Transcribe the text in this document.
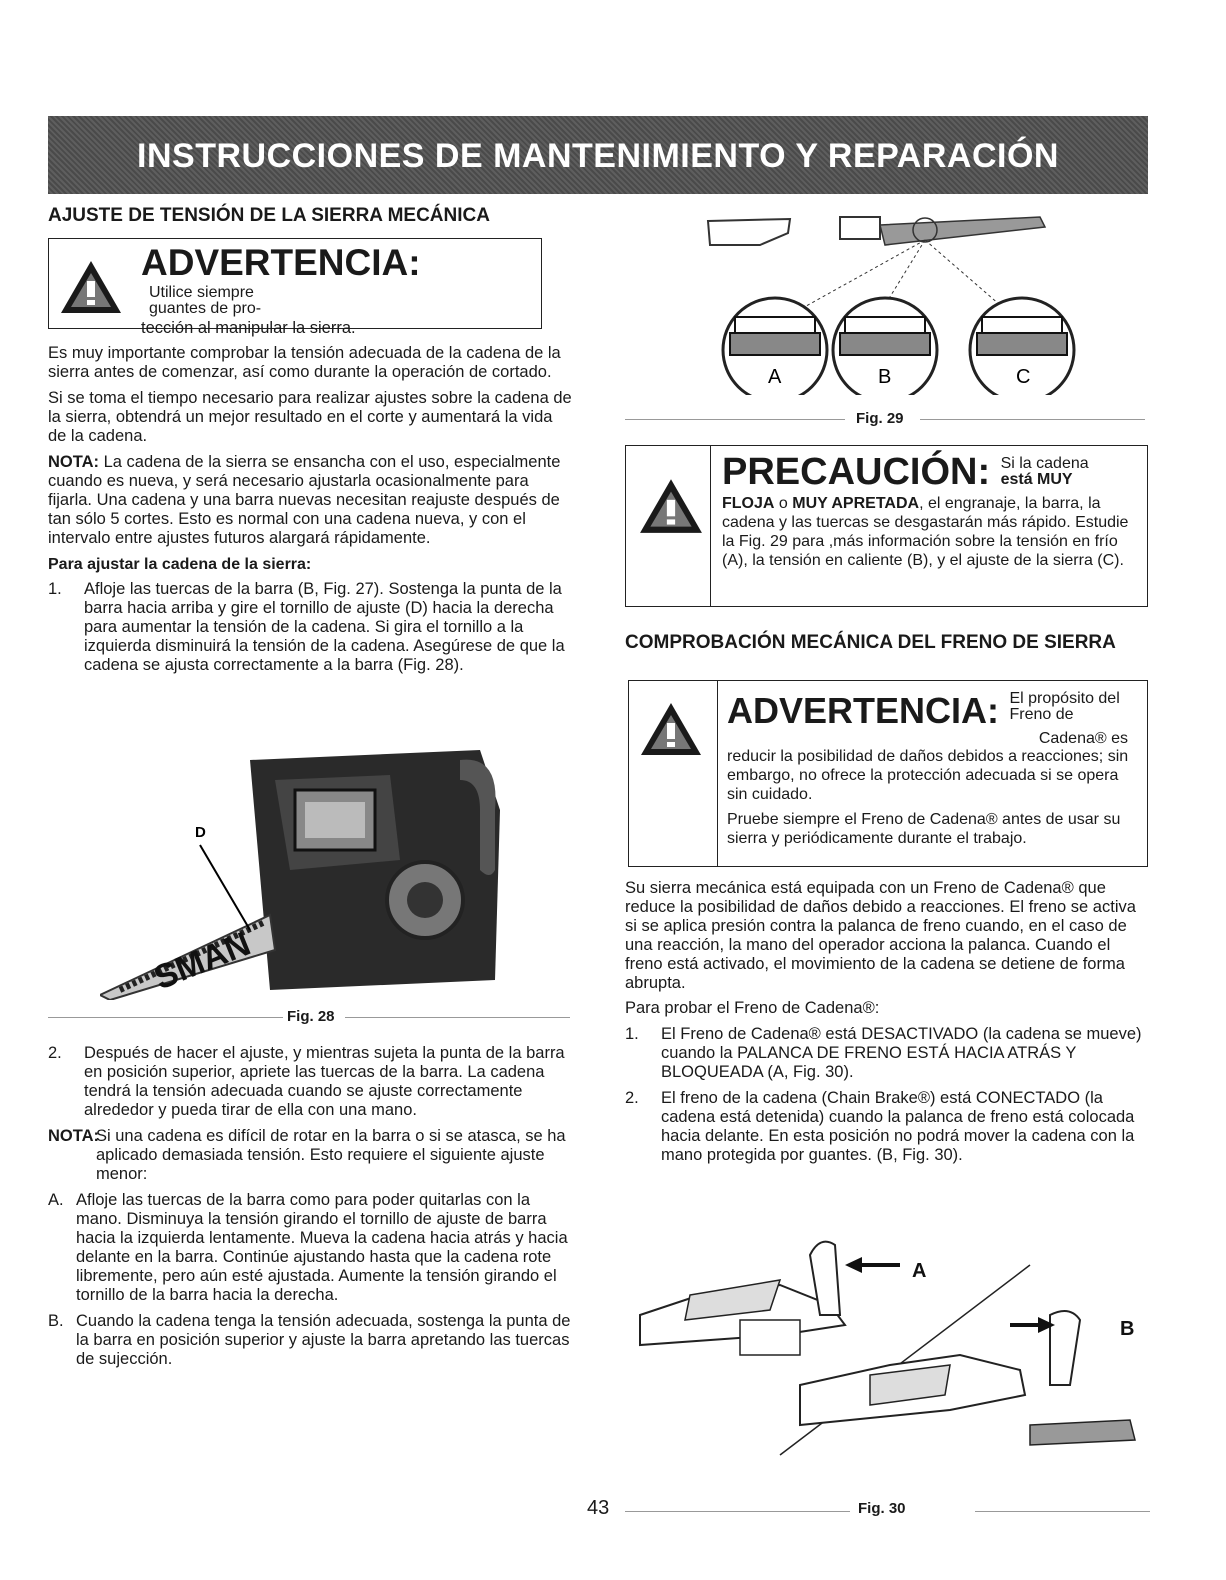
INSTRUCCIONES DE MANTENIMIENTO Y REPARACIÓN
AJUSTE DE TENSIÓN DE LA SIERRA MECÁNICA
ADVERTENCIA: Utilice siempre
guantes de pro-
tección al manipular la sierra.

Es muy importante comprobar la tensión adecuada de la cadena de la sierra antes de comenzar, así como durante la operación de cortado.

Si se toma el tiempo necesario para realizar ajustes sobre la cadena de la sierra, obtendrá un mejor resultado en el corte y aumentará la vida de la cadena.

NOTA: La cadena de la sierra se ensancha con el uso, especialmente cuando es nueva, y será necesario ajustarla ocasionalmente para fijarla. Una cadena y una barra nuevas necesitan reajuste después de tan sólo 5 cortes. Esto es normal con una cadena nueva, y con el intervalo entre ajustes futuros alargará rápidamente.

Para ajustar la cadena de la sierra:

1. Afloje las tuercas de la barra (B, Fig. 27). Sostenga la punta de la barra hacia arriba y gire el tornillo de ajuste (D) hacia la derecha para aumentar la tensión de la cadena. Si gira el tornillo a la izquierda disminuirá la tensión de la cadena. Asegúrese de que la cadena se ajusta correctamente a la barra (Fig. 28).
D
SMAN
Fig. 28
2. Después de hacer el ajuste, y mientras sujeta la punta de la barra en posición superior, apriete las tuercas de la barra. La cadena tendrá la tensión adecuada cuando se ajuste correctamente alrededor y pueda tirar de ella con una mano.
NOTA:
Si una cadena es difícil de rotar en la barra o si se atasca, se ha aplicado demasiada tensión. Esto requiere el siguiente ajuste menor:
A. Afloje las tuercas de la barra como para poder quitarlas con la mano. Disminuya la tensión girando el tornillo de ajuste de barra hacia la izquierda lentamente. Mueva la cadena hacia atrás y hacia delante en la barra. Continúe ajustando hasta que la cadena rote libremente, pero aún esté ajustada. Aumente la tensión girando el tornillo de la barra hacia la derecha.
B. Cuando la cadena tenga la tensión adecuada, sostenga la punta de la barra en posición superior y ajuste la barra apretando las tuercas de sujección.
A	B	C
Fig. 29
PRECAUCIÓN: Si la cadena
está MUY
FLOJA o MUY APRETADA, el engranaje, la barra, la cadena y las tuercas se desgastarán más rápido. Estudie la Fig. 29 para ,más información sobre la tensión en frío (A), la tensión en caliente (B), y el ajuste de la sierra (C).
COMPROBACIÓN MECÁNICA DEL FRENO DE SIERRA
ADVERTENCIA: El propósito del
Freno de
Cadena® es
reducir la posibilidad de daños debidos a reacciones; sin embargo, no ofrece la protección adecuada si se opera sin cuidado.
Pruebe siempre el Freno de Cadena® antes de usar su sierra y periódicamente durante el trabajo.

Su sierra mecánica está equipada con un Freno de Cadena® que reduce la posibilidad de daños debido a reacciones. El freno se activa si se aplica presión contra la palanca de freno cuando, en el caso de una reacción, la mano del operador acciona la palanca. Cuando el freno está activado, el movimiento de la cadena se detiene de forma abrupta.

Para probar el Freno de Cadena®:

1. El Freno de Cadena® está DESACTIVADO (la cadena se mueve) cuando la PALANCA DE FRENO ESTÁ HACIA ATRÁS Y BLOQUEADA (A, Fig. 30).
2. El freno de la cadena (Chain Brake®) está CONECTADO (la cadena está detenida) cuando la palanca de freno está colocada hacia delante. En esta posición no podrá mover la cadena con la mano protegida por guantes. (B, Fig. 30).
A
B
43	Fig. 30
